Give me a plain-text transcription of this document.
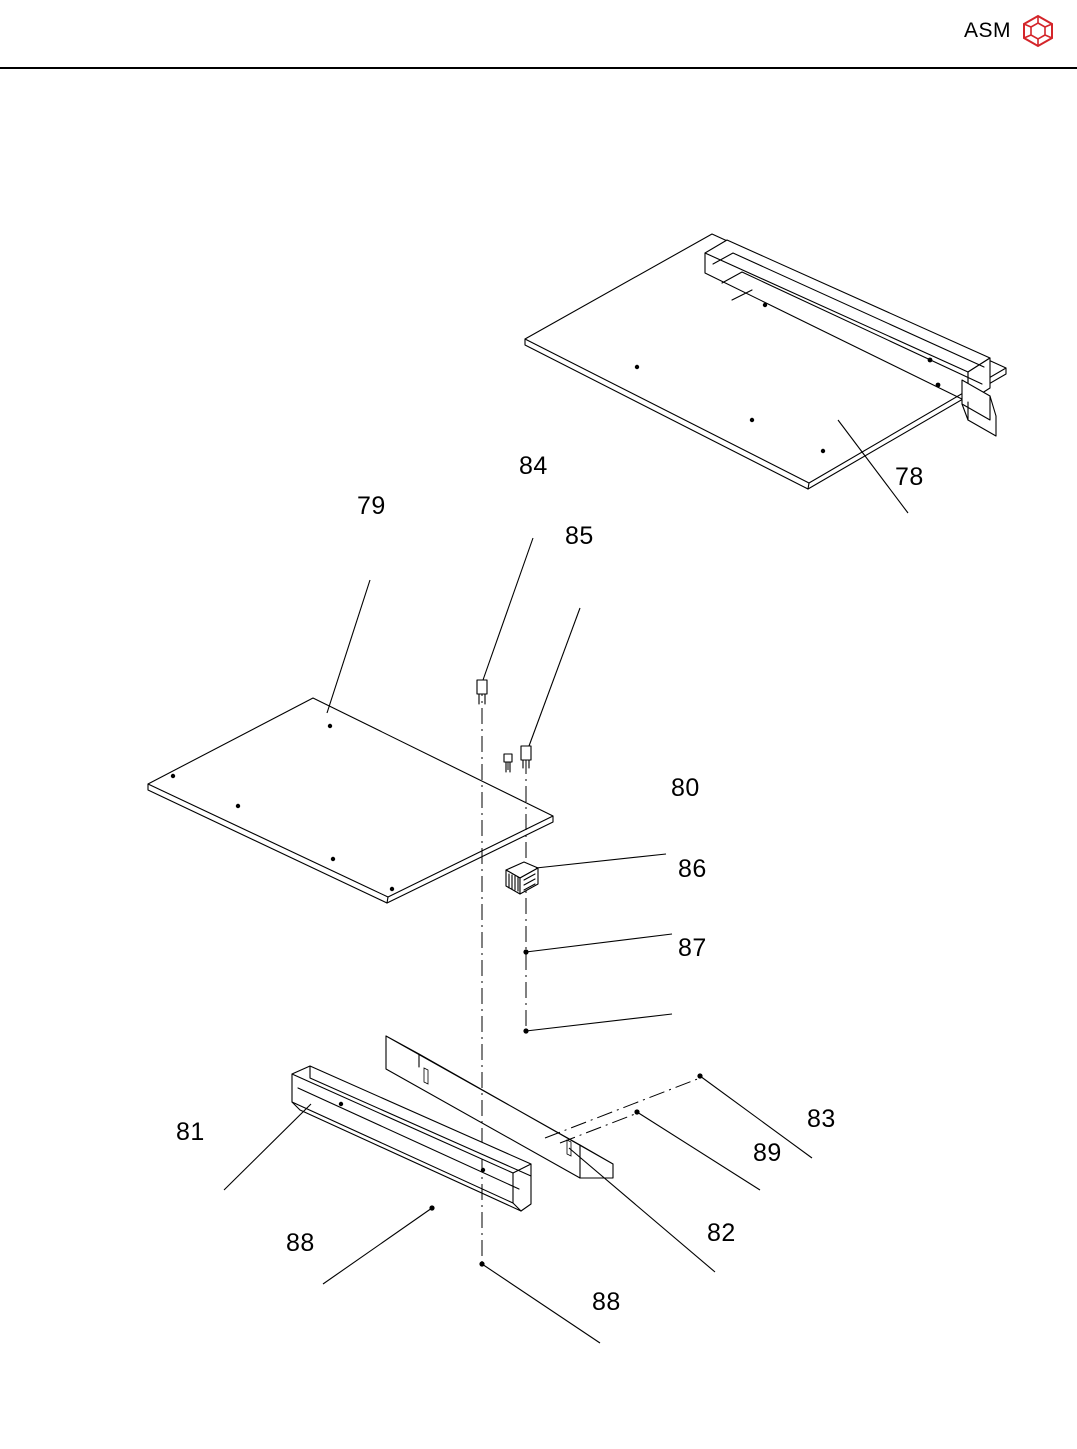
ASM
78
79
84
85
80
86
87
83
89
82
81
88
88
